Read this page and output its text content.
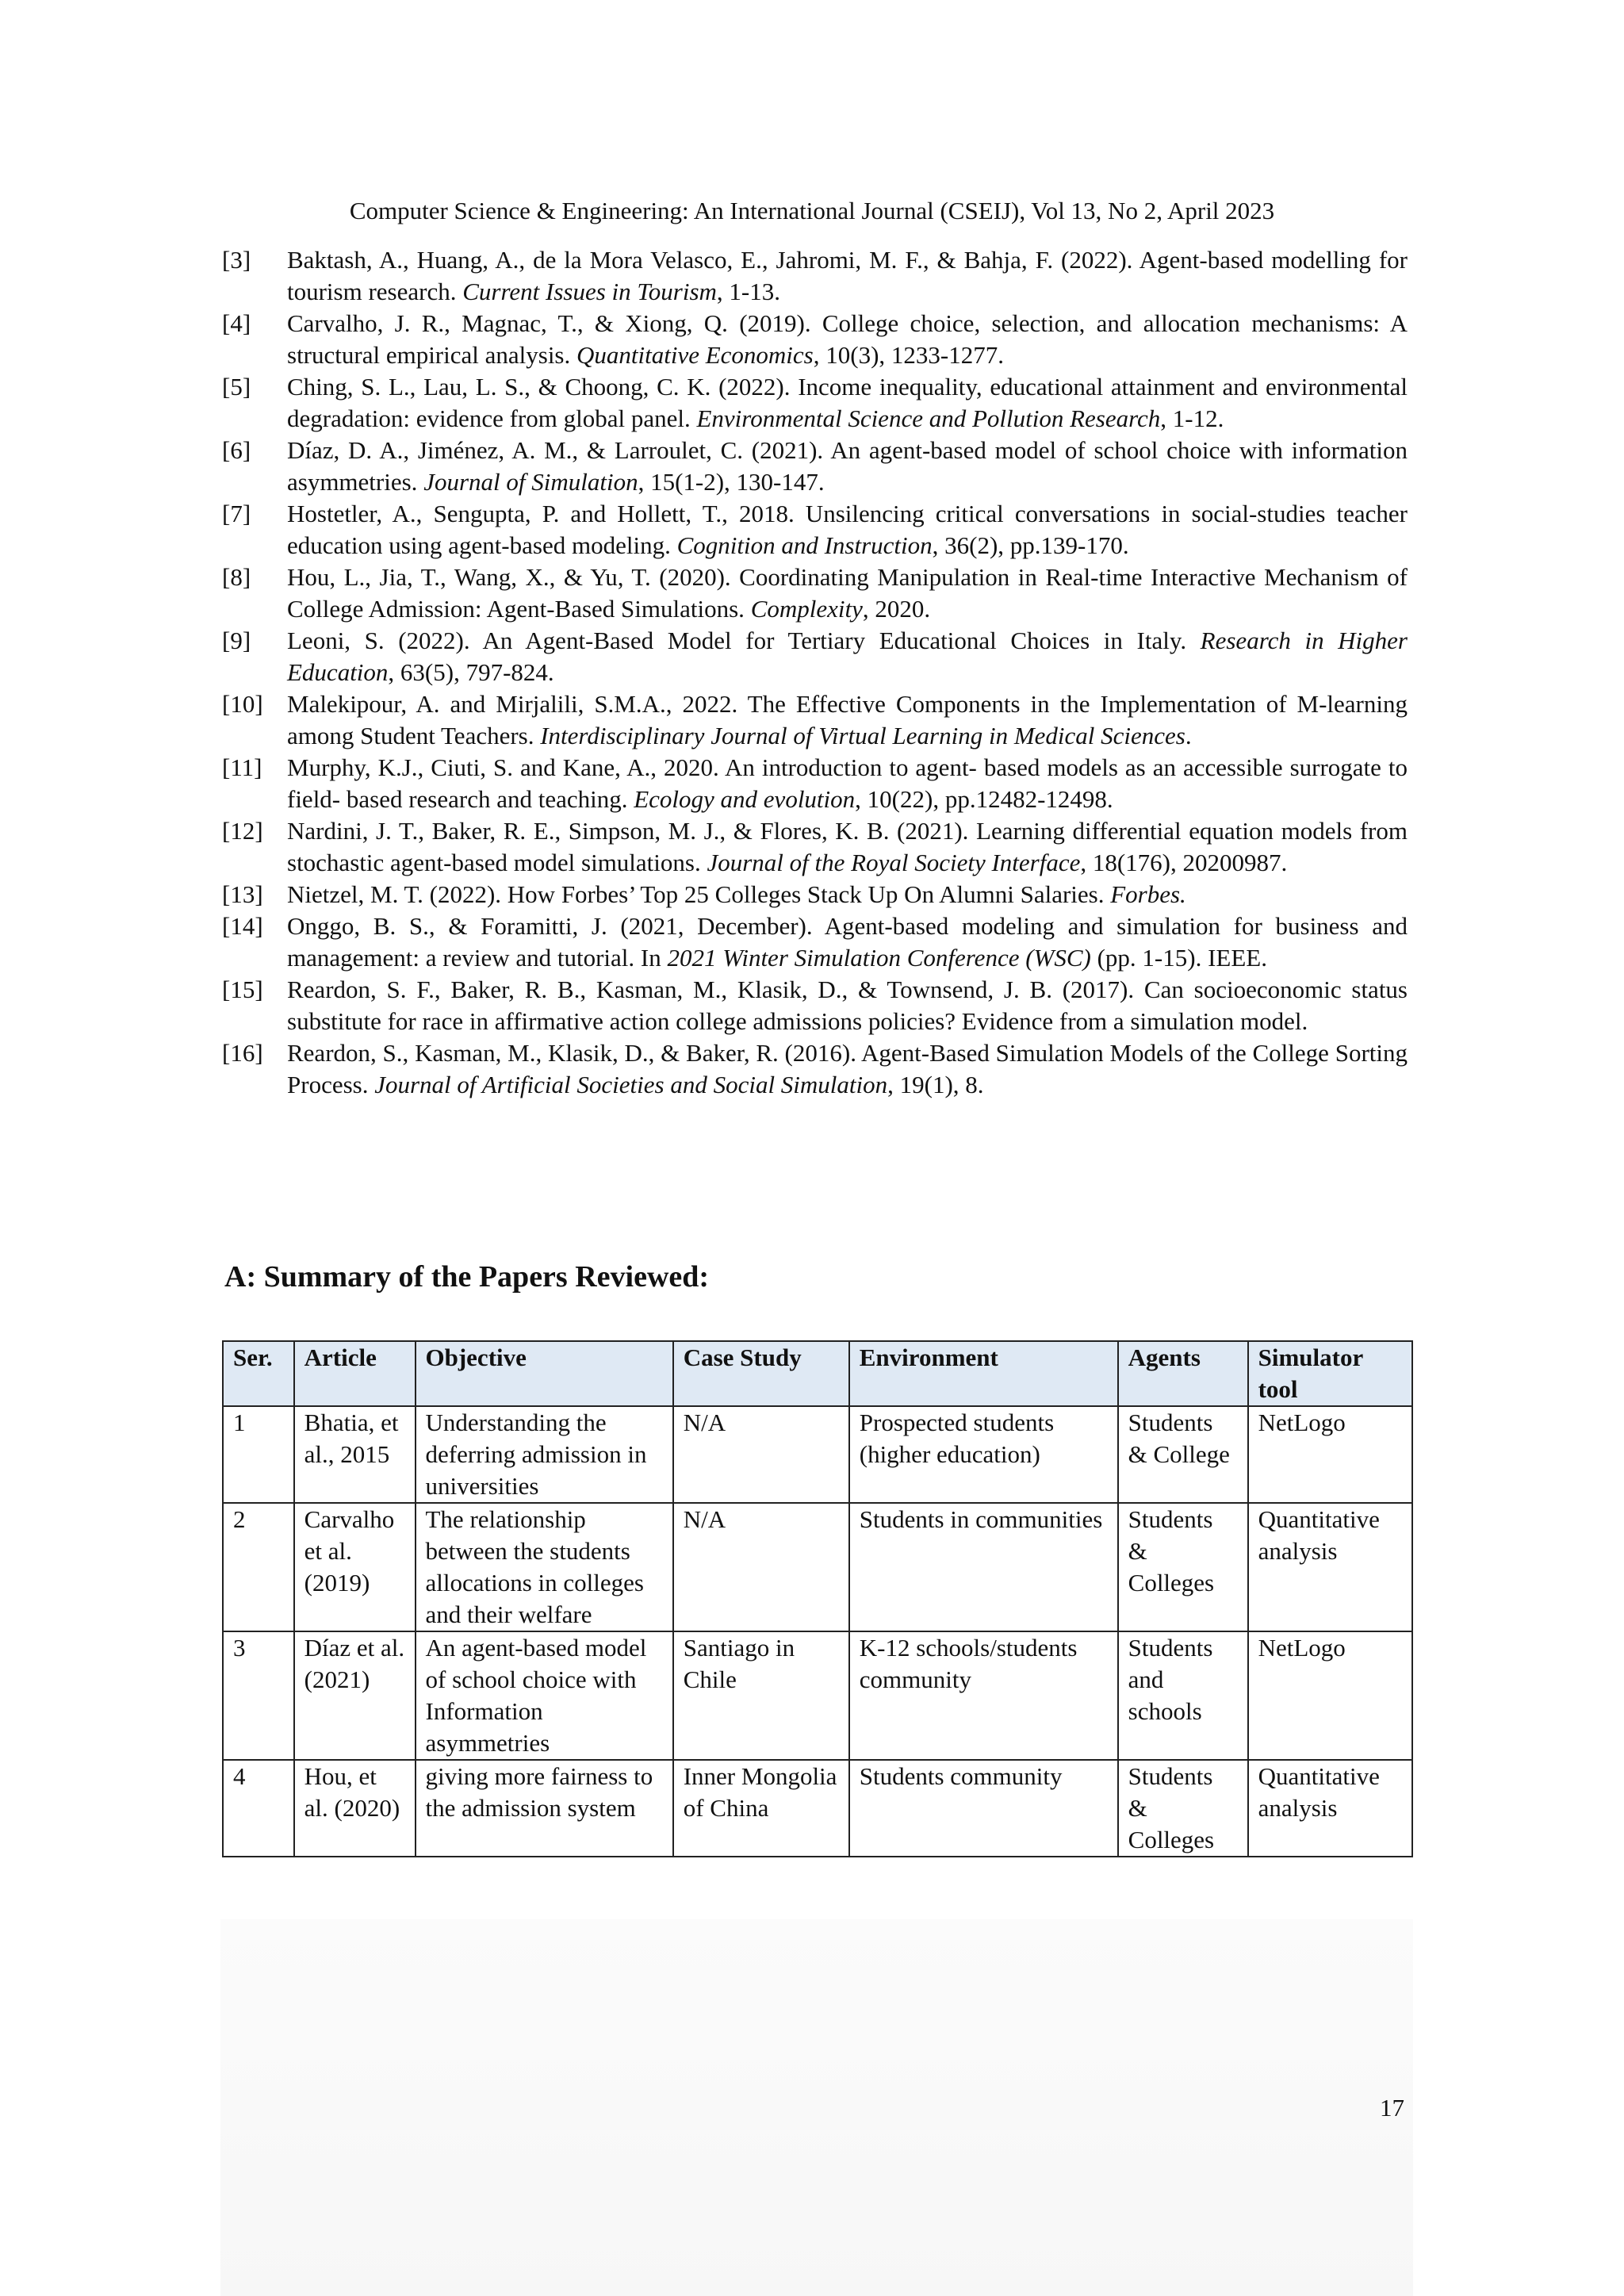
Computer Science & Engineering: An International Journal (CSEIJ), Vol 13, No 2, April 2023
[3]	Baktash, A., Huang, A., de la Mora Velasco, E., Jahromi, M. F., & Bahja, F. (2022). Agent-based modelling for tourism research. Current Issues in Tourism, 1-13.
[4]	Carvalho, J. R., Magnac, T., & Xiong, Q. (2019). College choice, selection, and allocation mechanisms: A structural empirical analysis. Quantitative Economics, 10(3), 1233-1277.
[5]	Ching, S. L., Lau, L. S., & Choong, C. K. (2022). Income inequality, educational attainment and environmental degradation: evidence from global panel. Environmental Science and Pollution Research, 1-12.
[6]	Díaz, D. A., Jiménez, A. M., & Larroulet, C. (2021). An agent-based model of school choice with information asymmetries. Journal of Simulation, 15(1-2), 130-147.
[7]	Hostetler, A., Sengupta, P. and Hollett, T., 2018. Unsilencing critical conversations in social-studies teacher education using agent-based modeling. Cognition and Instruction, 36(2), pp.139-170.
[8]	Hou, L., Jia, T., Wang, X., & Yu, T. (2020). Coordinating Manipulation in Real-time Interactive Mechanism of College Admission: Agent-Based Simulations. Complexity, 2020.
[9]	Leoni, S. (2022). An Agent-Based Model for Tertiary Educational Choices in Italy. Research in Higher Education, 63(5), 797-824.
[10] Malekipour, A. and Mirjalili, S.M.A., 2022. The Effective Components in the Implementation of M-learning among Student Teachers. Interdisciplinary Journal of Virtual Learning in Medical Sciences.
[11]	Murphy, K.J., Ciuti, S. and Kane, A., 2020. An introduction to agent- based models as an accessible surrogate to field- based research and teaching. Ecology and evolution, 10(22), pp.12482-12498.
[12] Nardini, J. T., Baker, R. E., Simpson, M. J., & Flores, K. B. (2021). Learning differential equation models from stochastic agent-based model simulations. Journal of the Royal Society Interface, 18(176), 20200987.
[13] Nietzel, M. T. (2022). How Forbes’ Top 25 Colleges Stack Up On Alumni Salaries. Forbes.
[14] Onggo, B. S., & Foramitti, J. (2021, December). Agent-based modeling and simulation for business and management: a review and tutorial. In 2021 Winter Simulation Conference (WSC) (pp. 1-15). IEEE.
[15] Reardon, S. F., Baker, R. B., Kasman, M., Klasik, D., & Townsend, J. B. (2017). Can socioeconomic status substitute for race in affirmative action college admissions policies? Evidence from a simulation model.
[16] Reardon, S., Kasman, M., Klasik, D., & Baker, R. (2016). Agent-Based Simulation Models of the College Sorting Process. Journal of Artificial Societies and Social Simulation, 19(1), 8.
A: Summary of the Papers Reviewed:
Ser.	Article	Objective	Case Study	Environment	Agents	Simulator tool
1	Bhatia, et al., 2015	Understanding the deferring admission in universities	N/A	Prospected students (higher education)	Students & College	NetLogo
2	Carvalho et al. (2019)	The relationship between the students allocations in colleges and their welfare	N/A	Students in communities	Students & Colleges	Quantitative analysis
3	Díaz et al. (2021)	An agent-based model of school choice with Information asymmetries	Santiago in Chile	K-12 schools/students community	Students and schools	NetLogo
4	Hou, et al. (2020)	giving more fairness to the admission system	Inner Mongolia of China	Students community	Students & Colleges	Quantitative analysis
17
